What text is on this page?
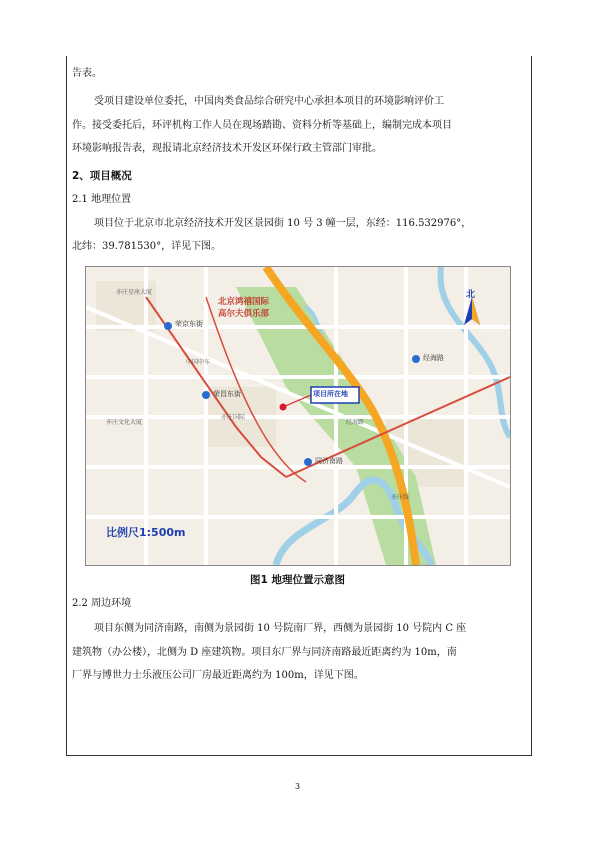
告表。
受项目建设单位委托，中国肉类食品综合研究中心承担本项目的环境影响评价工
作。接受委托后，环评机构工作人员在现场踏勘、资料分析等基础上，编制完成本项目
环境影响报告表，现报请北京经济技术开发区环保行政主管部门审批。
2、项目概况
2.1 地理位置
项目位于北京市北京经济技术开发区景园街 10 号 3 幢一层，东经：116.532976°，
北纬：39.781530°，详见下图。
北京鸿禧国际
高尔夫俱乐部
荣京东街
荣昌东街
同济南路
经海路
亦庄星座大厦
中国中车
亦庄文化大厦
亦庄国际
亦庄线
经海路
项目所在地
北
比例尺1:500m
图1 地理位置示意图
2.2 周边环境
项目东侧为同济南路，南侧为景园街 10 号院南厂界，西侧为景园街 10 号院内 C 座
建筑物（办公楼），北侧为 D 座建筑物。项目东厂界与同济南路最近距离约为 10m，南
厂界与博世力士乐液压公司厂房最近距离约为 100m，详见下图。
3
